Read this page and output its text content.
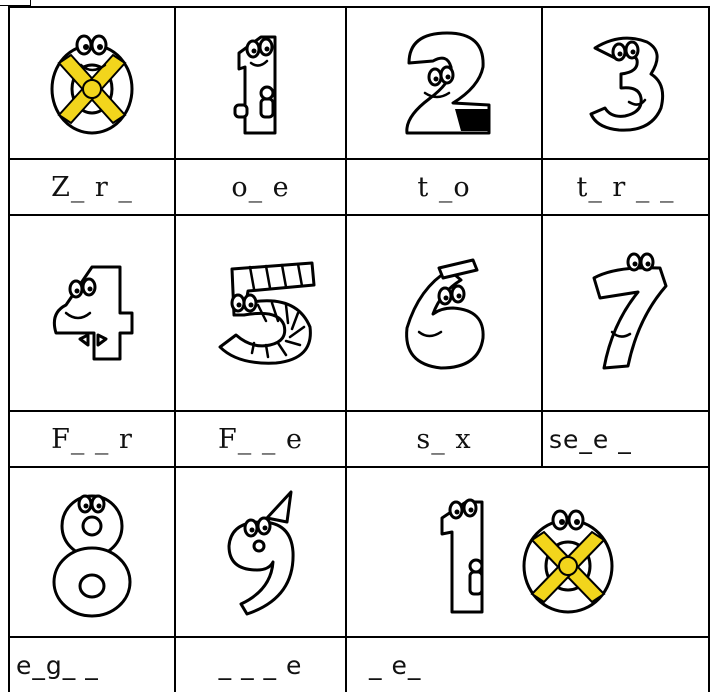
Z_ r _	o_ e	t _o	t_ r _ _
F_ _ r	F_ _ e	s_ x	se_e _
e_g_ _	_ _ _ e	_ e_
